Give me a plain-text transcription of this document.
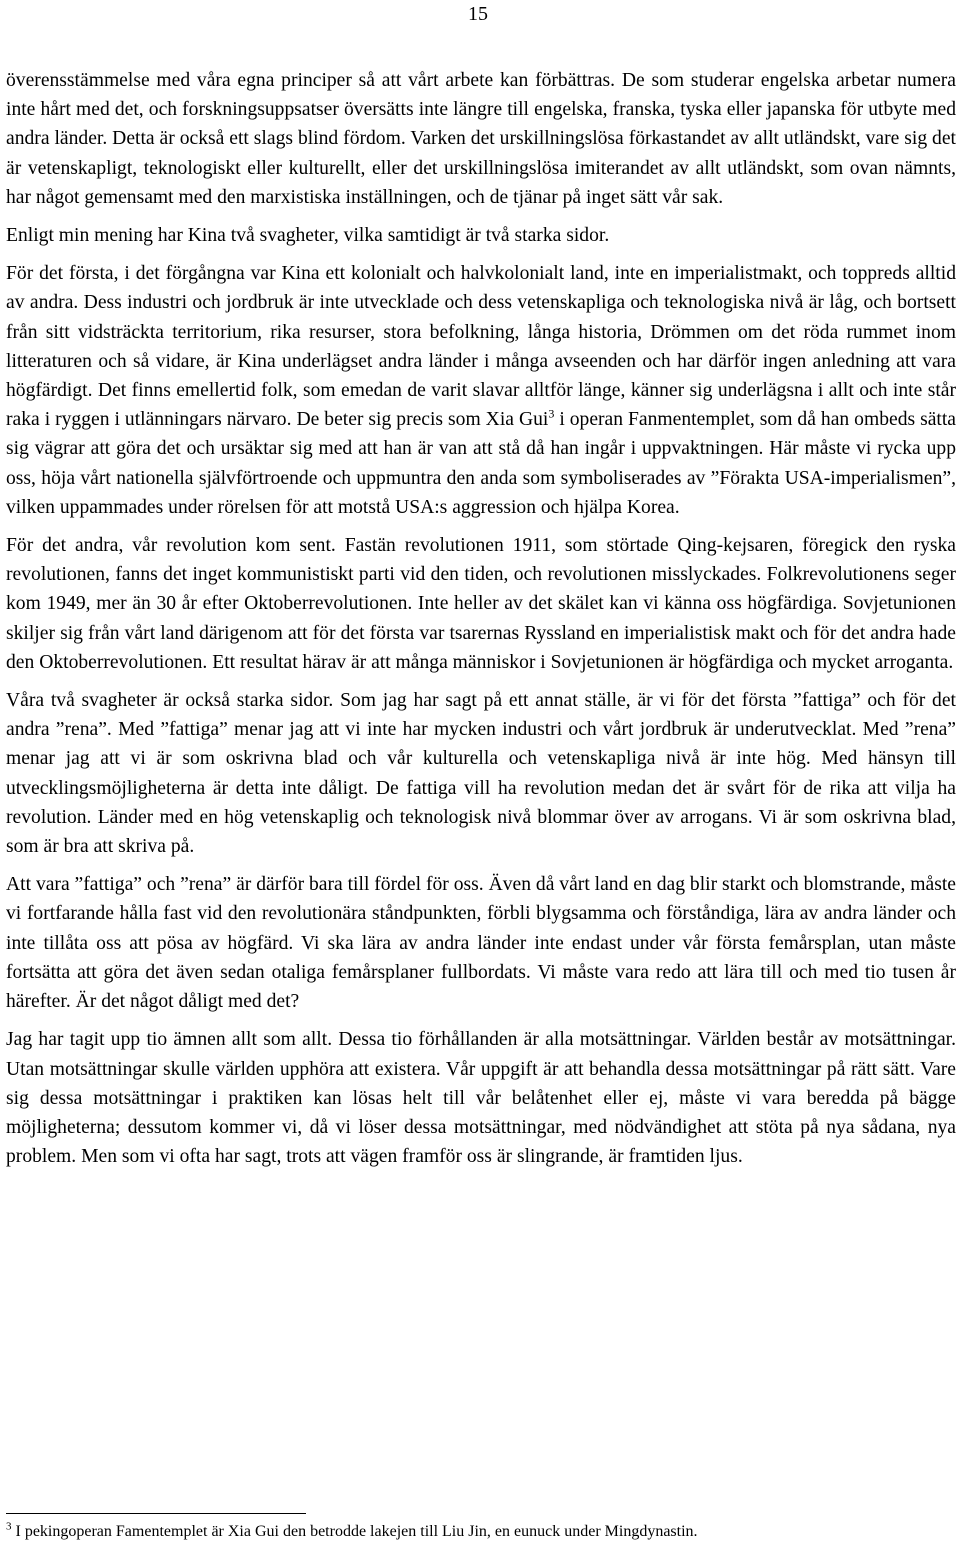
15

överensstämmelse med våra egna principer så att vårt arbete kan förbättras. De som studerar engelska arbetar numera inte hårt med det, och forskningsuppsatser översätts inte längre till engelska, franska, tyska eller japanska för utbyte med andra länder. Detta är också ett slags blind fördom. Varken det urskillningslösa förkastandet av allt utländskt, vare sig det är vetenskapligt, teknologiskt eller kulturellt, eller det urskillningslösa imiterandet av allt utländskt, som ovan nämnts, har något gemensamt med den marxistiska inställningen, och de tjänar på inget sätt vår sak.

Enligt min mening har Kina två svagheter, vilka samtidigt är två starka sidor.

För det första, i det förgångna var Kina ett kolonialt och halvkolonialt land, inte en imperialistmakt, och toppreds alltid av andra. Dess industri och jordbruk är inte utvecklade och dess vetenskapliga och teknologiska nivå är låg, och bortsett från sitt vidsträckta territorium, rika resurser, stora befolkning, långa historia, Drömmen om det röda rummet inom litteraturen och så vidare, är Kina underlägset andra länder i många avseenden och har därför ingen anledning att vara högfärdigt. Det finns emellertid folk, som emedan de varit slavar alltför länge, känner sig underlägsna i allt och inte står raka i ryggen i utlänningars närvaro. De beter sig precis som Xia Gui$^3$ i operan Fanmentemplet, som då han ombeds sätta sig vägrar att göra det och ursäktar sig med att han är van att stå då han ingår i uppvaktningen. Här måste vi rycka upp oss, höja vårt nationella självförtroende och uppmuntra den anda som symboliserades av ”Förakta USA-imperialismen”, vilken uppammades under rörelsen för att motstå USA:s aggression och hjälpa Korea.

För det andra, vår revolution kom sent. Fastän revolutionen 1911, som störtade Qing-kejsaren, föregick den ryska revolutionen, fanns det inget kommunistiskt parti vid den tiden, och revolutionen misslyckades. Folkrevolutionens seger kom 1949, mer än 30 år efter Oktoberrevolutionen. Inte heller av det skälet kan vi känna oss högfärdiga. Sovjetunionen skiljer sig från vårt land därigenom att för det första var tsarernas Ryssland en imperialistisk makt och för det andra hade den Oktoberrevolutionen. Ett resultat härav är att många människor i Sovjetunionen är högfärdiga och mycket arroganta.

Våra två svagheter är också starka sidor. Som jag har sagt på ett annat ställe, är vi för det första ”fattiga” och för det andra ”rena”. Med ”fattiga” menar jag att vi inte har mycken industri och vårt jordbruk är underutvecklat. Med ”rena” menar jag att vi är som oskrivna blad och vår kulturella och vetenskapliga nivå är inte hög. Med hänsyn till utvecklingsmöjligheterna är detta inte dåligt. De fattiga vill ha revolution medan det är svårt för de rika att vilja ha revolution. Länder med en hög vetenskaplig och teknologisk nivå blommar över av arrogans. Vi är som oskrivna blad, som är bra att skriva på.

Att vara ”fattiga” och ”rena” är därför bara till fördel för oss. Även då vårt land en dag blir starkt och blomstrande, måste vi fortfarande hålla fast vid den revolutionära ståndpunkten, förbli blygsamma och förståndiga, lära av andra länder och inte tillåta oss att pösa av högfärd. Vi ska lära av andra länder inte endast under vår första femårsplan, utan måste fortsätta att göra det även sedan otaliga femårsplaner fullbordats. Vi måste vara redo att lära till och med tio tusen år härefter. Är det något dåligt med det?

Jag har tagit upp tio ämnen allt som allt. Dessa tio förhållanden är alla motsättningar. Världen består av motsättningar. Utan motsättningar skulle världen upphöra att existera. Vår uppgift är att behandla dessa motsättningar på rätt sätt. Vare sig dessa motsättningar i praktiken kan lösas helt till vår belåtenhet eller ej, måste vi vara beredda på bägge möjligheterna; dessutom kommer vi, då vi löser dessa motsättningar, med nödvändighet att stöta på nya sådana, nya problem. Men som vi ofta har sagt, trots att vägen framför oss är slingrande, är framtiden ljus.

$^3$ I pekingoperan Famentemplet är Xia Gui den betrodde lakejen till Liu Jin, en eunuck under Mingdynastin.
